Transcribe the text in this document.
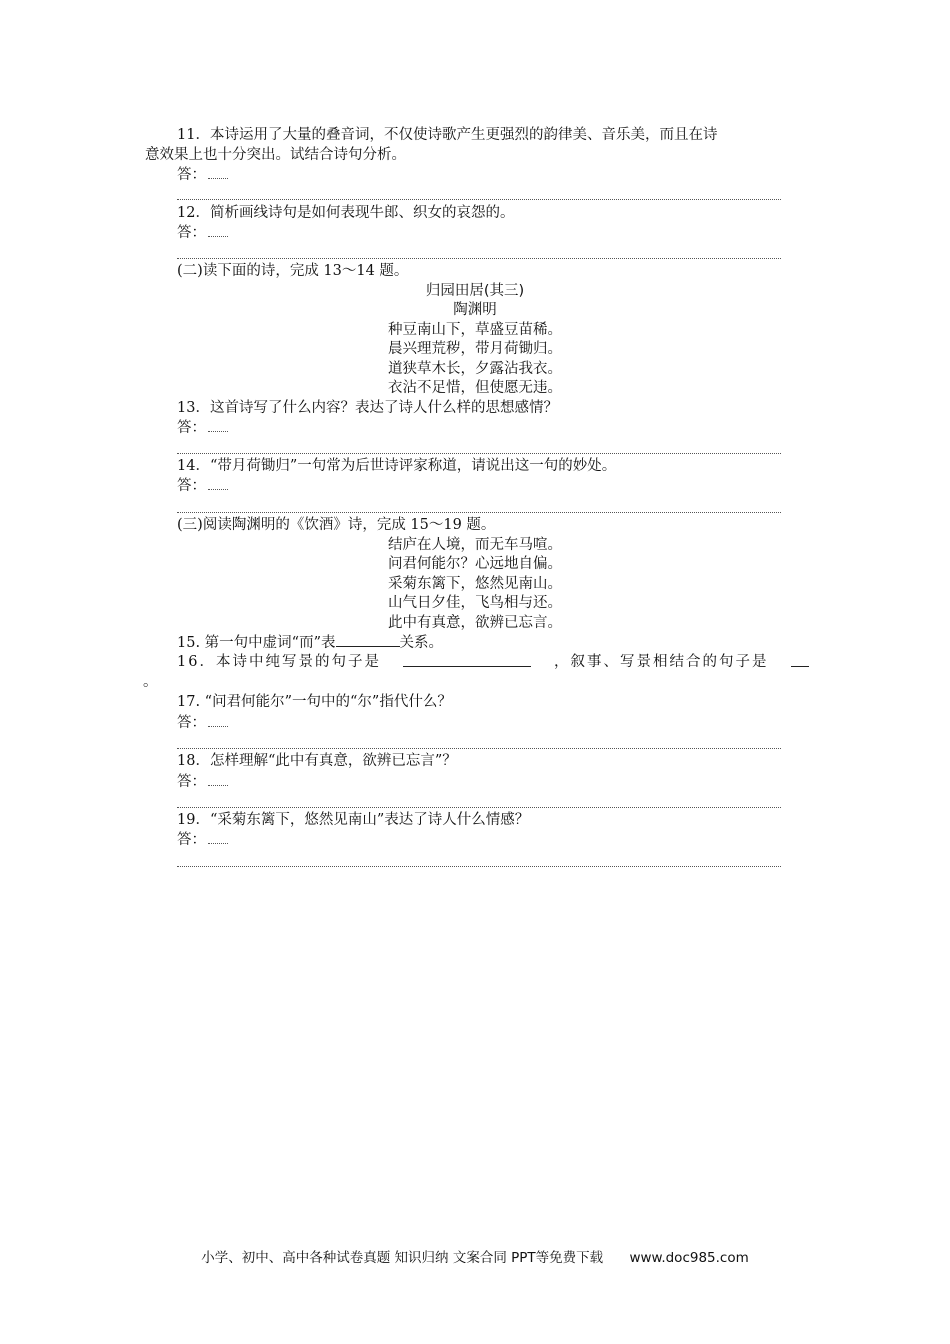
11．本诗运用了大量的叠音词，不仅使诗歌产生更强烈的韵律美、音乐美，而且在诗
意效果上也十分突出。试结合诗句分析。
答：
12．简析画线诗句是如何表现牛郎、织女的哀怨的。
答：
(二)读下面的诗，完成 13～14 题。
归园田居(其三)
陶渊明
种豆南山下，草盛豆苗稀。
晨兴理荒秽，带月荷锄归。
道狭草木长，夕露沾我衣。
衣沾不足惜，但使愿无违。
13．这首诗写了什么内容？表达了诗人什么样的思想感情？
答：
14．“带月荷锄归”一句常为后世诗评家称道，请说出这一句的妙处。
答：
(三)阅读陶渊明的《饮酒》诗，完成 15～19 题。
结庐在人境，而无车马喧。
问君何能尔？心远地自偏。
采菊东篱下，悠然见南山。
山气日夕佳，飞鸟相与还。
此中有真意，欲辨已忘言。
15. 第一句中虚词“而”表	关系。
16．本诗中纯写景的句子是	，叙事、写景相结合的句子是
。
17. “问君何能尔”一句中的“尔”指代什么？
答：
18．怎样理解“此中有真意，欲辨已忘言”？
答：
19．“采菊东篱下，悠然见南山”表达了诗人什么情感？
答：
小学、初中、高中各种试卷真题 知识归纳 文案合同 PPT等免费下载 www.doc985.com
